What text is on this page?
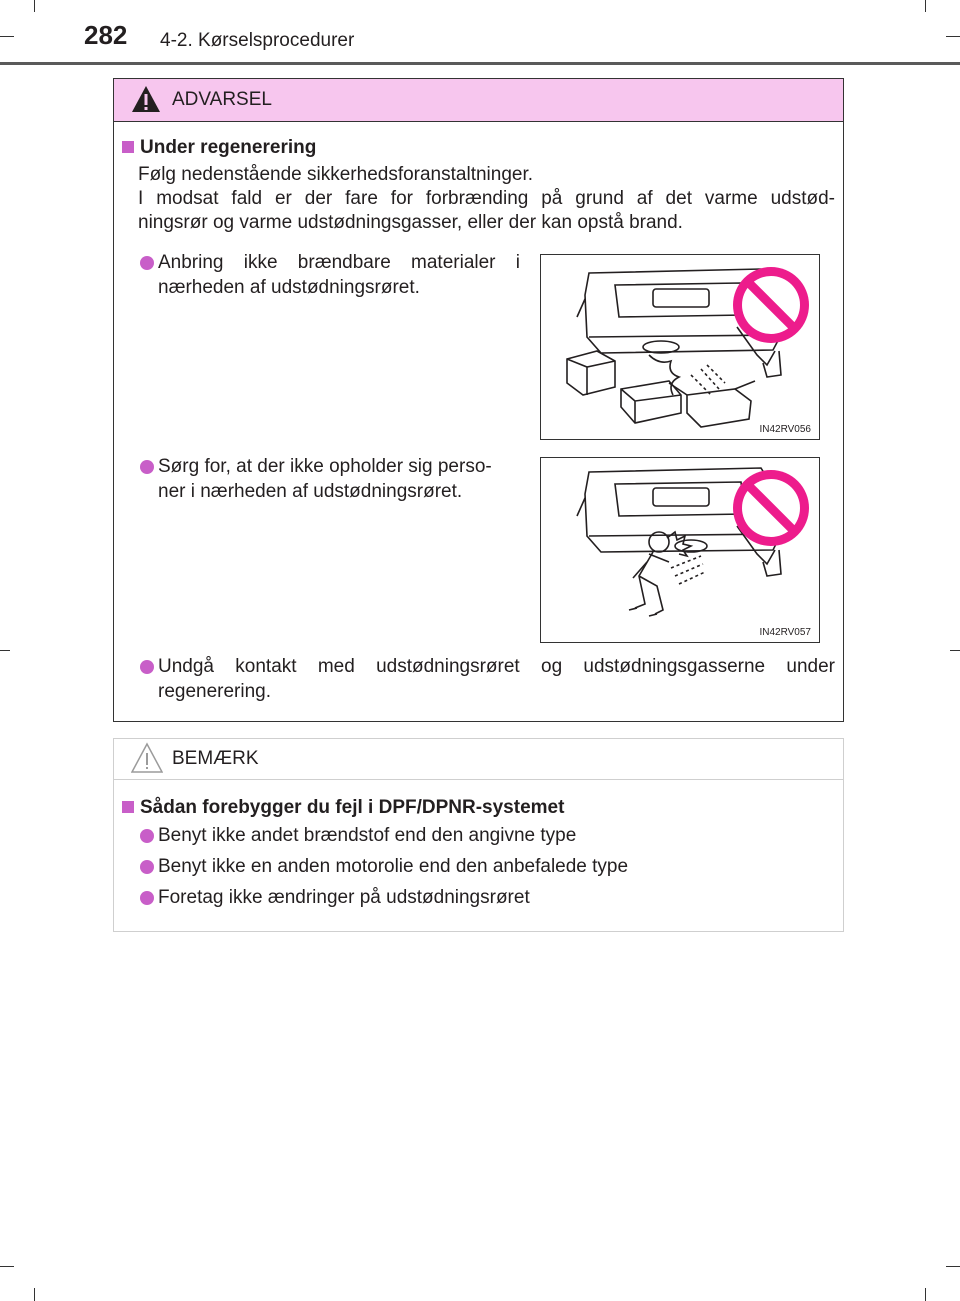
282 4-2. Kørselsprocedurer
ADVARSEL
Under regenerering
Følg nedenstående sikkerhedsforanstaltninger.
I modsat fald er der fare for forbrænding på grund af det varme udstød-
ningsrør og varme udstødningsgasser, eller der kan opstå brand.
Anbring ikke brændbare materialer i
nærheden af udstødningsrøret.
Sørg for, at der ikke opholder sig perso-
ner i nærheden af udstødningsrøret.
Undgå kontakt med udstødningsrøret og udstødningsgasserne under
regenerering.
IN42RV056
IN42RV057
BEMÆRK
Sådan forebygger du fejl i DPF/DPNR-systemet
Benyt ikke andet brændstof end den angivne type
Benyt ikke en anden motorolie end den anbefalede type
Foretag ikke ændringer på udstødningsrøret
